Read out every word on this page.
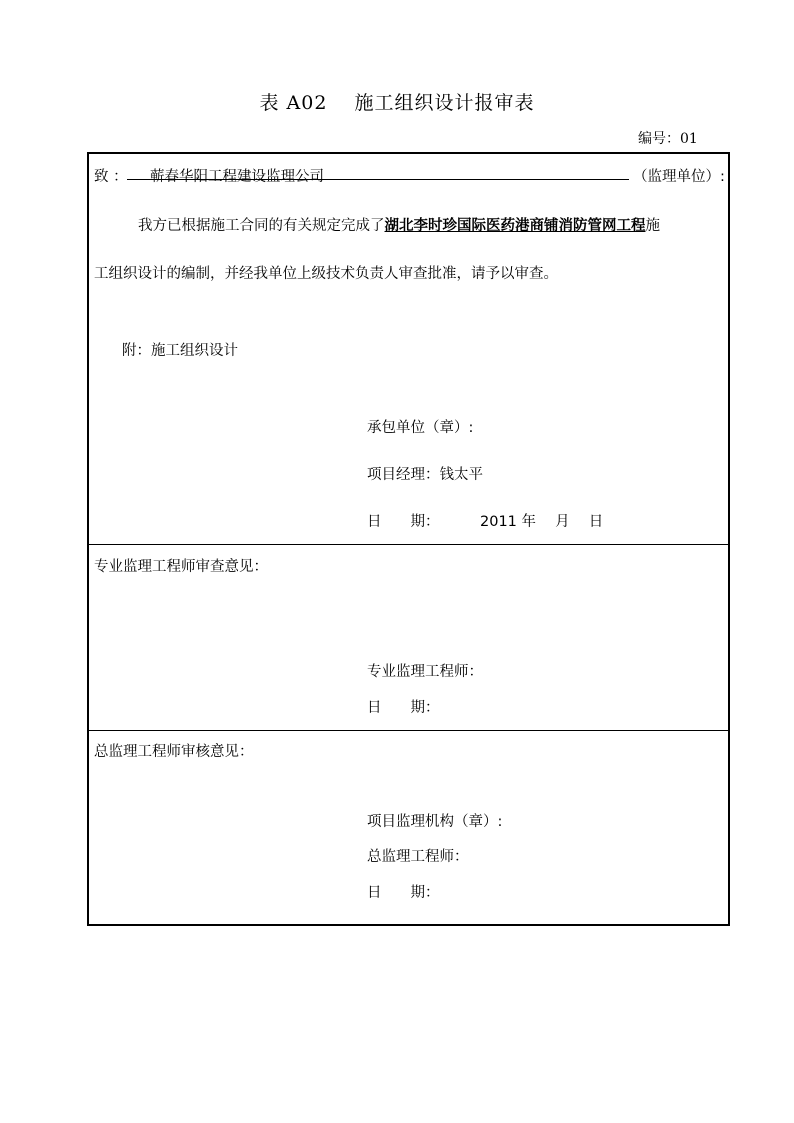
表 A02　 施工组织设计报审表
编号：01
致 ： 蕲春华阳工程建设监理公司	（监理单位）:
我方已根据施工合同的有关规定完成了湖北李时珍国际医药港商铺消防管网工程施
工组织设计的编制，并经我单位上级技术负责人审查批准，请予以审查。
附：施工组织设计
承包单位（章）:
项目经理：钱太平
日　　期：	2011 年　 月　 日
专业监理工程师审查意见：
专业监理工程师：
日　　期：
总监理工程师审核意见：
项目监理机构（章）:
总监理工程师：
日　　期：
